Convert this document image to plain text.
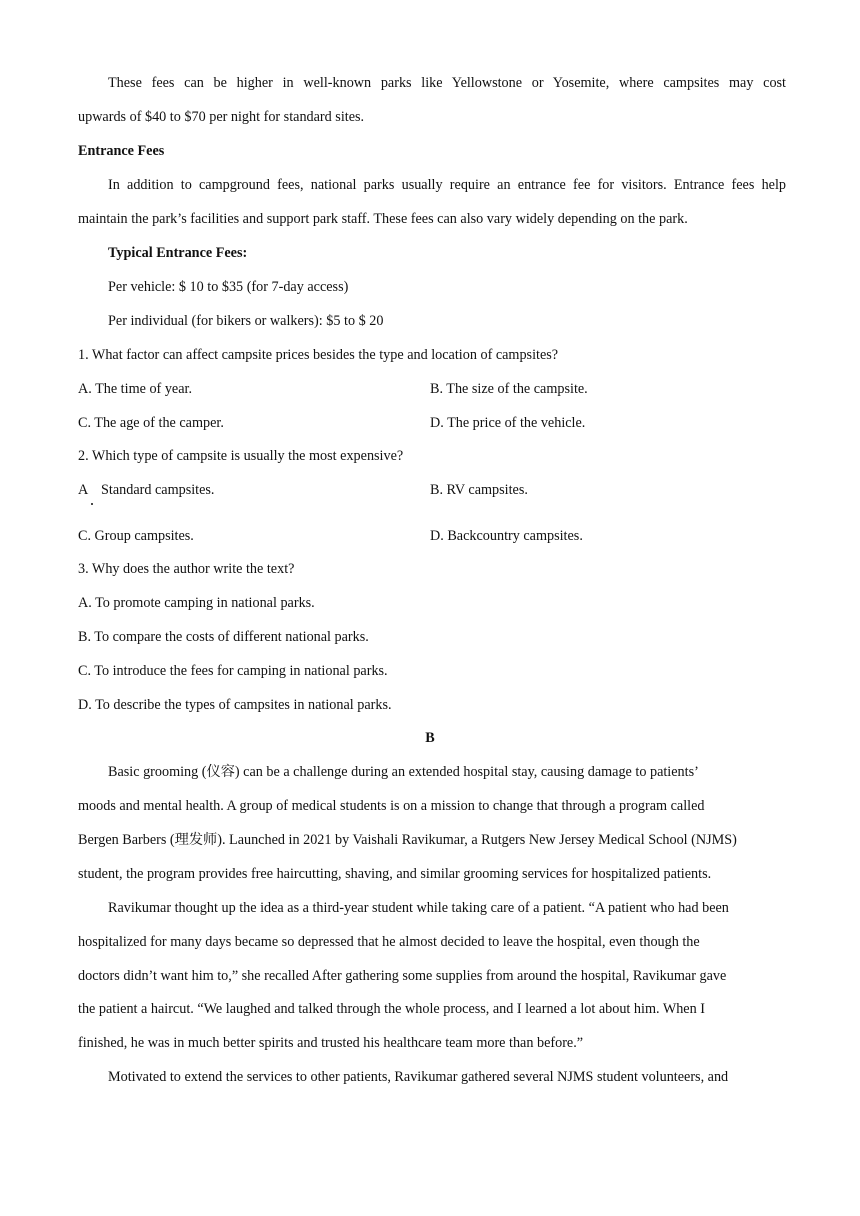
These fees can be higher in well-known parks like Yellowstone or Yosemite, where campsites may cost
upwards of $40 to $70 per night for standard sites.
Entrance Fees
In addition to campground fees, national parks usually require an entrance fee for visitors. Entrance fees help
maintain the park’s facilities and support park staff. These fees can also vary widely depending on the park.
Typical Entrance Fees:
Per vehicle: $ 10 to $35 (for 7-day access)
Per individual (for bikers or walkers): $5 to $ 20
1. What factor can affect campsite prices besides the type and location of campsites?
A. The time of year.	B. The size of the campsite.
C. The age of the camper.	D. The price of the vehicle.
2. Which type of campsite is usually the most expensive?
A Standard campsites.	B. RV campsites.
C. Group campsites.	D. Backcountry campsites.
3. Why does the author write the text?
A. To promote camping in national parks.
B. To compare the costs of different national parks.
C. To introduce the fees for camping in national parks.
D. To describe the types of campsites in national parks.
B
Basic grooming (仪容) can be a challenge during an extended hospital stay, causing damage to patients’
moods and mental health. A group of medical students is on a mission to change that through a program called
Bergen Barbers (理发师). Launched in 2021 by Vaishali Ravikumar, a Rutgers New Jersey Medical School (NJMS)
student, the program provides free haircutting, shaving, and similar grooming services for hospitalized patients.
Ravikumar thought up the idea as a third-year student while taking care of a patient. “A patient who had been
hospitalized for many days became so depressed that he almost decided to leave the hospital, even though the
doctors didn’t want him to,” she recalled After gathering some supplies from around the hospital, Ravikumar gave
the patient a haircut. “We laughed and talked through the whole process, and I learned a lot about him. When I
finished, he was in much better spirits and trusted his healthcare team more than before.”
Motivated to extend the services to other patients, Ravikumar gathered several NJMS student volunteers, and
